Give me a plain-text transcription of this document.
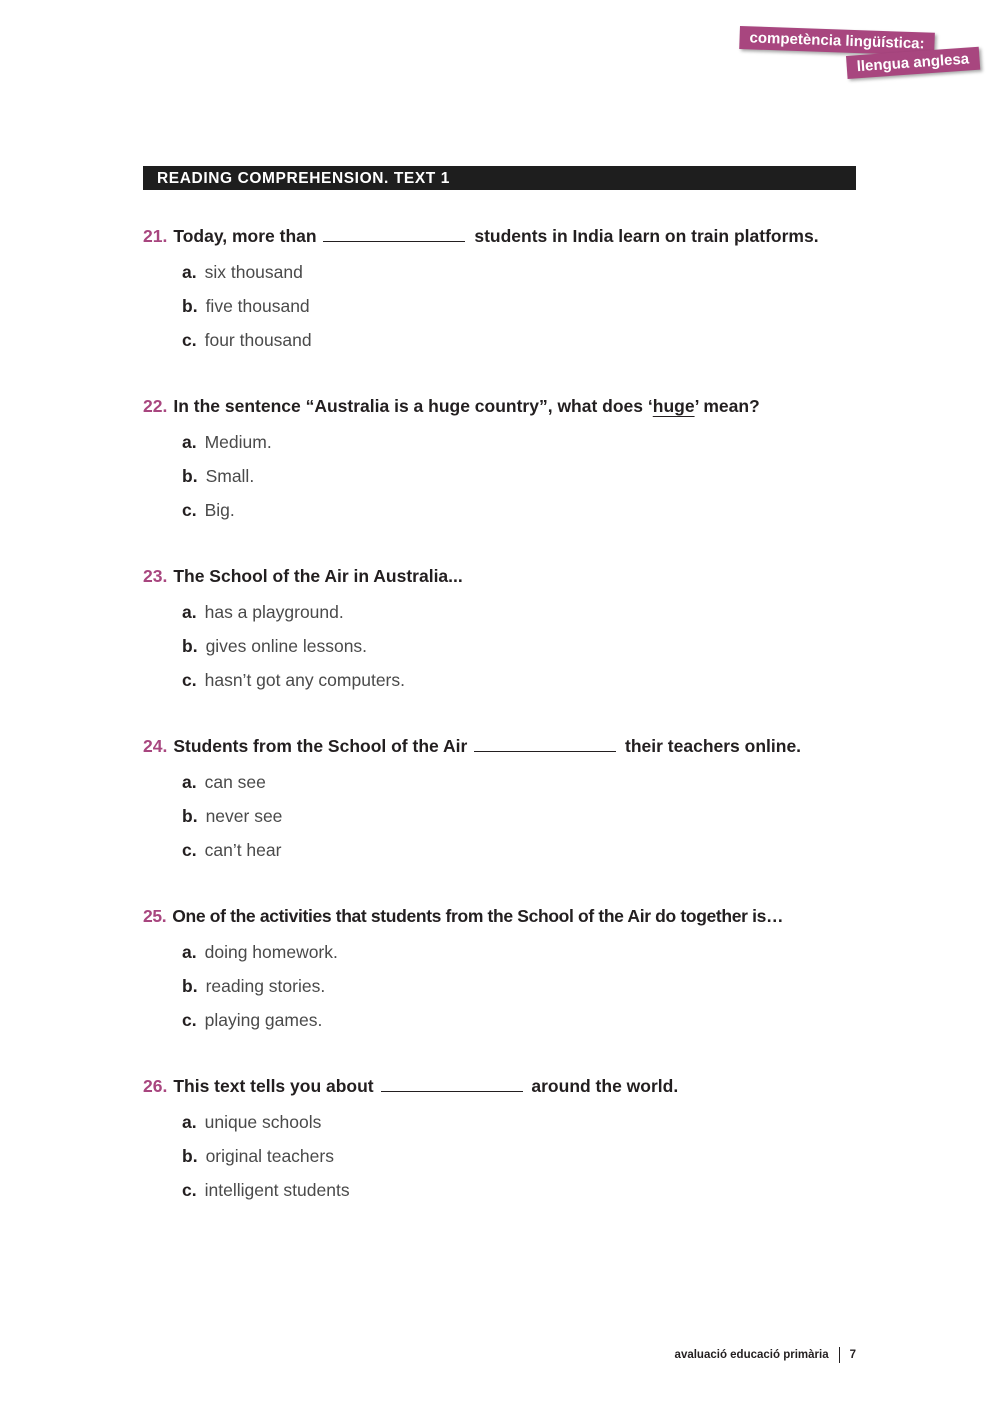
competència lingüística:
llengua anglesa
READING COMPREHENSION. TEXT 1
21. Today, more than	students in India learn on train platforms.
a. six thousand
b. five thousand
c. four thousand
22. In the sentence “Australia is a huge country”, what does ‘huge’ mean?
a. Medium.
b. Small.
c. Big.
23. The School of the Air in Australia...
a. has a playground.
b. gives online lessons.
c. hasn’t got any computers.
24. Students from the School of the Air	their teachers online.
a. can see
b. never see
c. can’t hear
25. One of the activities that students from the School of the Air do together is…
a. doing homework.
b. reading stories.
c. playing games.
26. This text tells you about	around the world.
a. unique schools
b. original teachers
c. intelligent students
avaluació educació primària 7
